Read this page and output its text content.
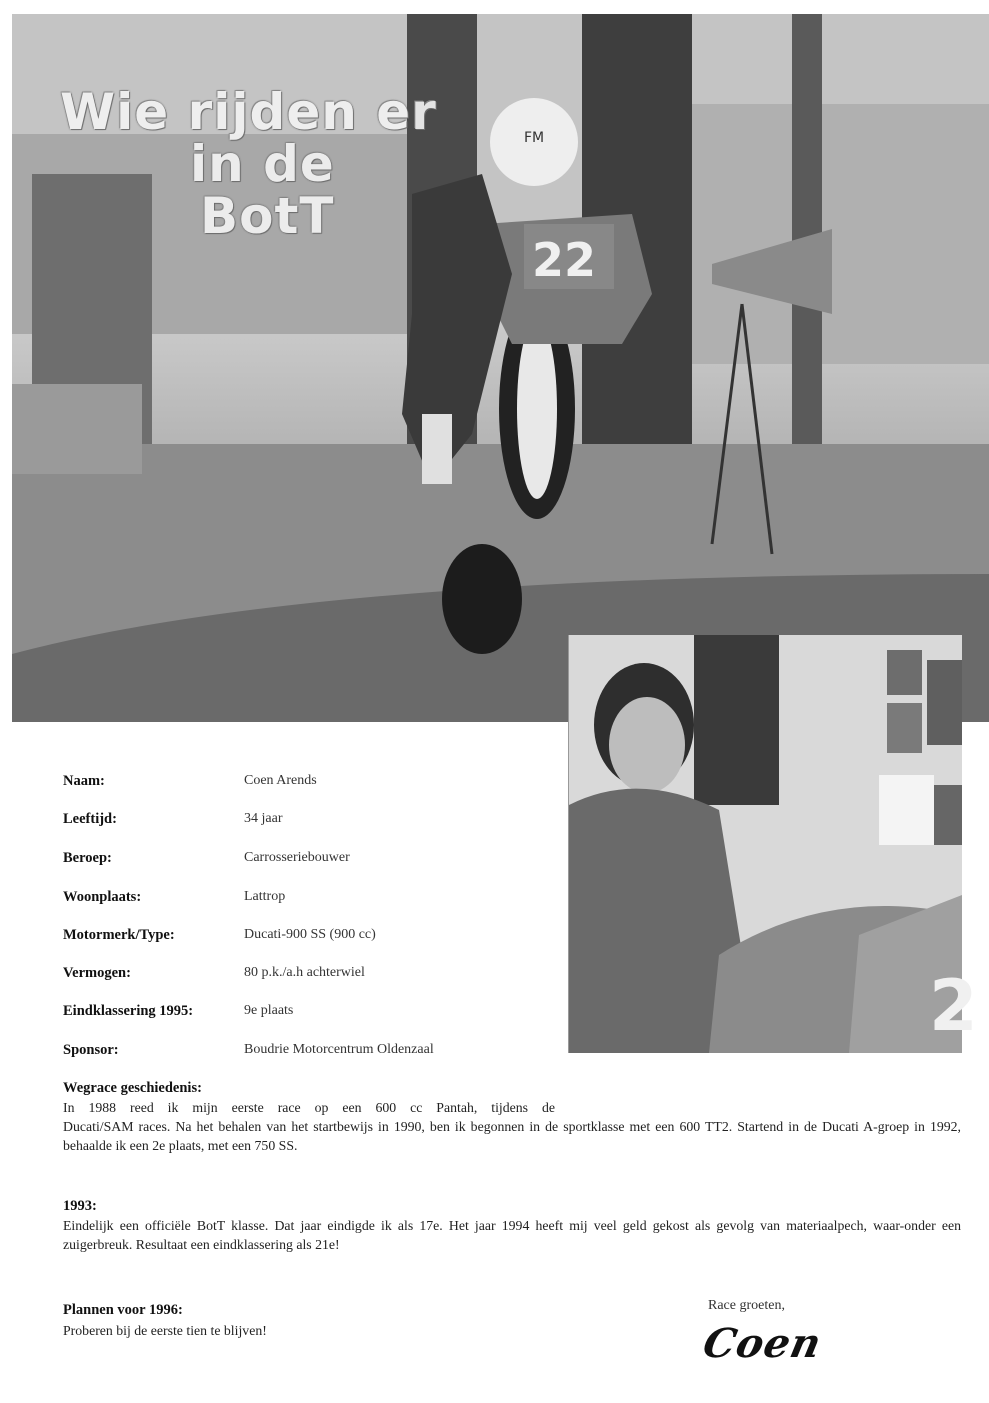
22
FM
Wie rijden er
in de
BotT
2
Naam:	Coen Arends
Leeftijd:	34 jaar
Beroep:	Carrosseriebouwer
Woonplaats:	Lattrop
Motormerk/Type:	Ducati-900 SS (900 cc)
Vermogen:	80 p.k./a.h achterwiel
Eindklassering 1995:	9e plaats
Sponsor:	Boudrie Motorcentrum Oldenzaal
Wegrace geschiedenis:
In 1988 reed ik mijn eerste race op een 600 cc Pantah, tijdens de
Ducati/SAM races. Na het behalen van het startbewijs in 1990, ben ik begonnen in de sportklasse met een 600 TT2. Startend in de Ducati A-groep in 1992, behaalde ik een 2e plaats, met een 750 SS.
1993:
Eindelijk een officiële BotT klasse. Dat jaar eindigde ik als 17e. Het jaar 1994 heeft mij veel geld gekost als gevolg van materiaalpech, waar-onder een zuigerbreuk. Resultaat een eindklassering als 21e!
Plannen voor 1996:
Proberen bij de eerste tien te blijven!
Race groeten,
Coen
